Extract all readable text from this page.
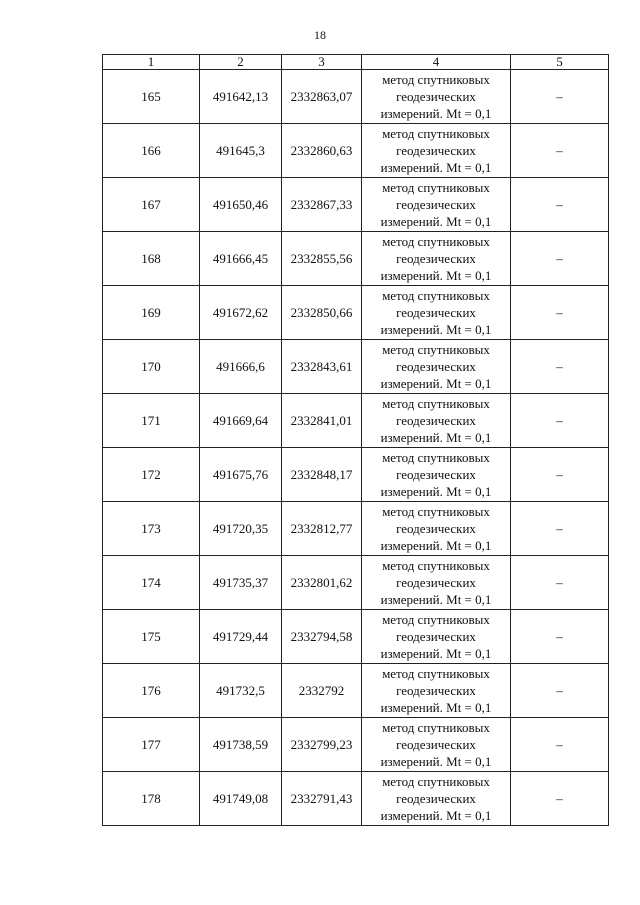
18
1	2	3	4	5
165	491642,13	2332863,07	метод спутниковых
геодезических
измерений. Mt = 0,1	–
166	491645,3	2332860,63	метод спутниковых
геодезических
измерений. Mt = 0,1	–
167	491650,46	2332867,33	метод спутниковых
геодезических
измерений. Mt = 0,1	–
168	491666,45	2332855,56	метод спутниковых
геодезических
измерений. Mt = 0,1	–
169	491672,62	2332850,66	метод спутниковых
геодезических
измерений. Mt = 0,1	–
170	491666,6	2332843,61	метод спутниковых
геодезических
измерений. Mt = 0,1	–
171	491669,64	2332841,01	метод спутниковых
геодезических
измерений. Mt = 0,1	–
172	491675,76	2332848,17	метод спутниковых
геодезических
измерений. Mt = 0,1	–
173	491720,35	2332812,77	метод спутниковых
геодезических
измерений. Mt = 0,1	–
174	491735,37	2332801,62	метод спутниковых
геодезических
измерений. Mt = 0,1	–
175	491729,44	2332794,58	метод спутниковых
геодезических
измерений. Mt = 0,1	–
176	491732,5	2332792	метод спутниковых
геодезических
измерений. Mt = 0,1	–
177	491738,59	2332799,23	метод спутниковых
геодезических
измерений. Mt = 0,1	–
178	491749,08	2332791,43	метод спутниковых
геодезических
измерений. Mt = 0,1	–
